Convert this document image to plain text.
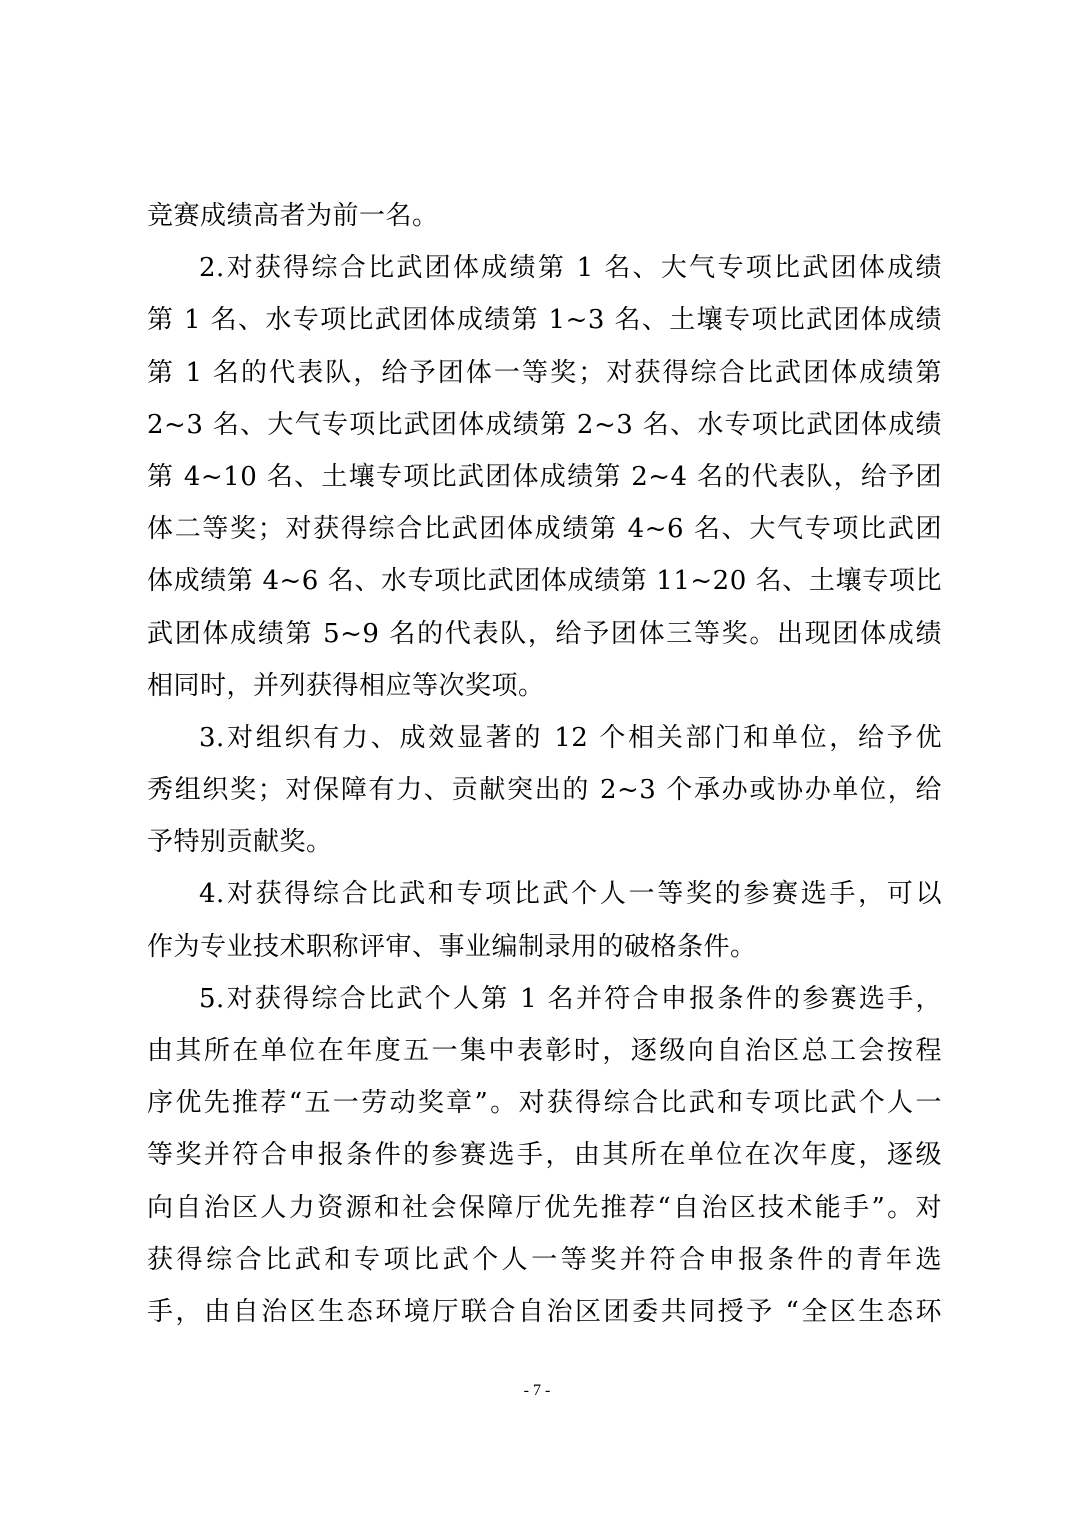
竞赛成绩高者为前一名。
2.对获得综合比武团体成绩第 1 名、大气专项比武团体成绩
第 1 名、水专项比武团体成绩第 1~3 名、土壤专项比武团体成绩
第 1 名的代表队，给予团体一等奖；对获得综合比武团体成绩第
2~3 名、大气专项比武团体成绩第 2~3 名、水专项比武团体成绩
第 4~10 名、土壤专项比武团体成绩第 2~4 名的代表队，给予团
体二等奖；对获得综合比武团体成绩第 4~6 名、大气专项比武团
体成绩第 4~6 名、水专项比武团体成绩第 11~20 名、土壤专项比
武团体成绩第 5~9 名的代表队，给予团体三等奖。出现团体成绩
相同时，并列获得相应等次奖项。
3.对组织有力、成效显著的 12 个相关部门和单位，给予优
秀组织奖；对保障有力、贡献突出的 2~3 个承办或协办单位，给
予特别贡献奖。
4.对获得综合比武和专项比武个人一等奖的参赛选手，可以
作为专业技术职称评审、事业编制录用的破格条件。
5.对获得综合比武个人第 1 名并符合申报条件的参赛选手，
由其所在单位在年度五一集中表彰时，逐级向自治区总工会按程
序优先推荐“五一劳动奖章”。对获得综合比武和专项比武个人一
等奖并符合申报条件的参赛选手，由其所在单位在次年度，逐级
向自治区人力资源和社会保障厅优先推荐“自治区技术能手”。对
获得综合比武和专项比武个人一等奖并符合申报条件的青年选
手，由自治区生态环境厅联合自治区团委共同授予 “全区生态环
- 7 -
